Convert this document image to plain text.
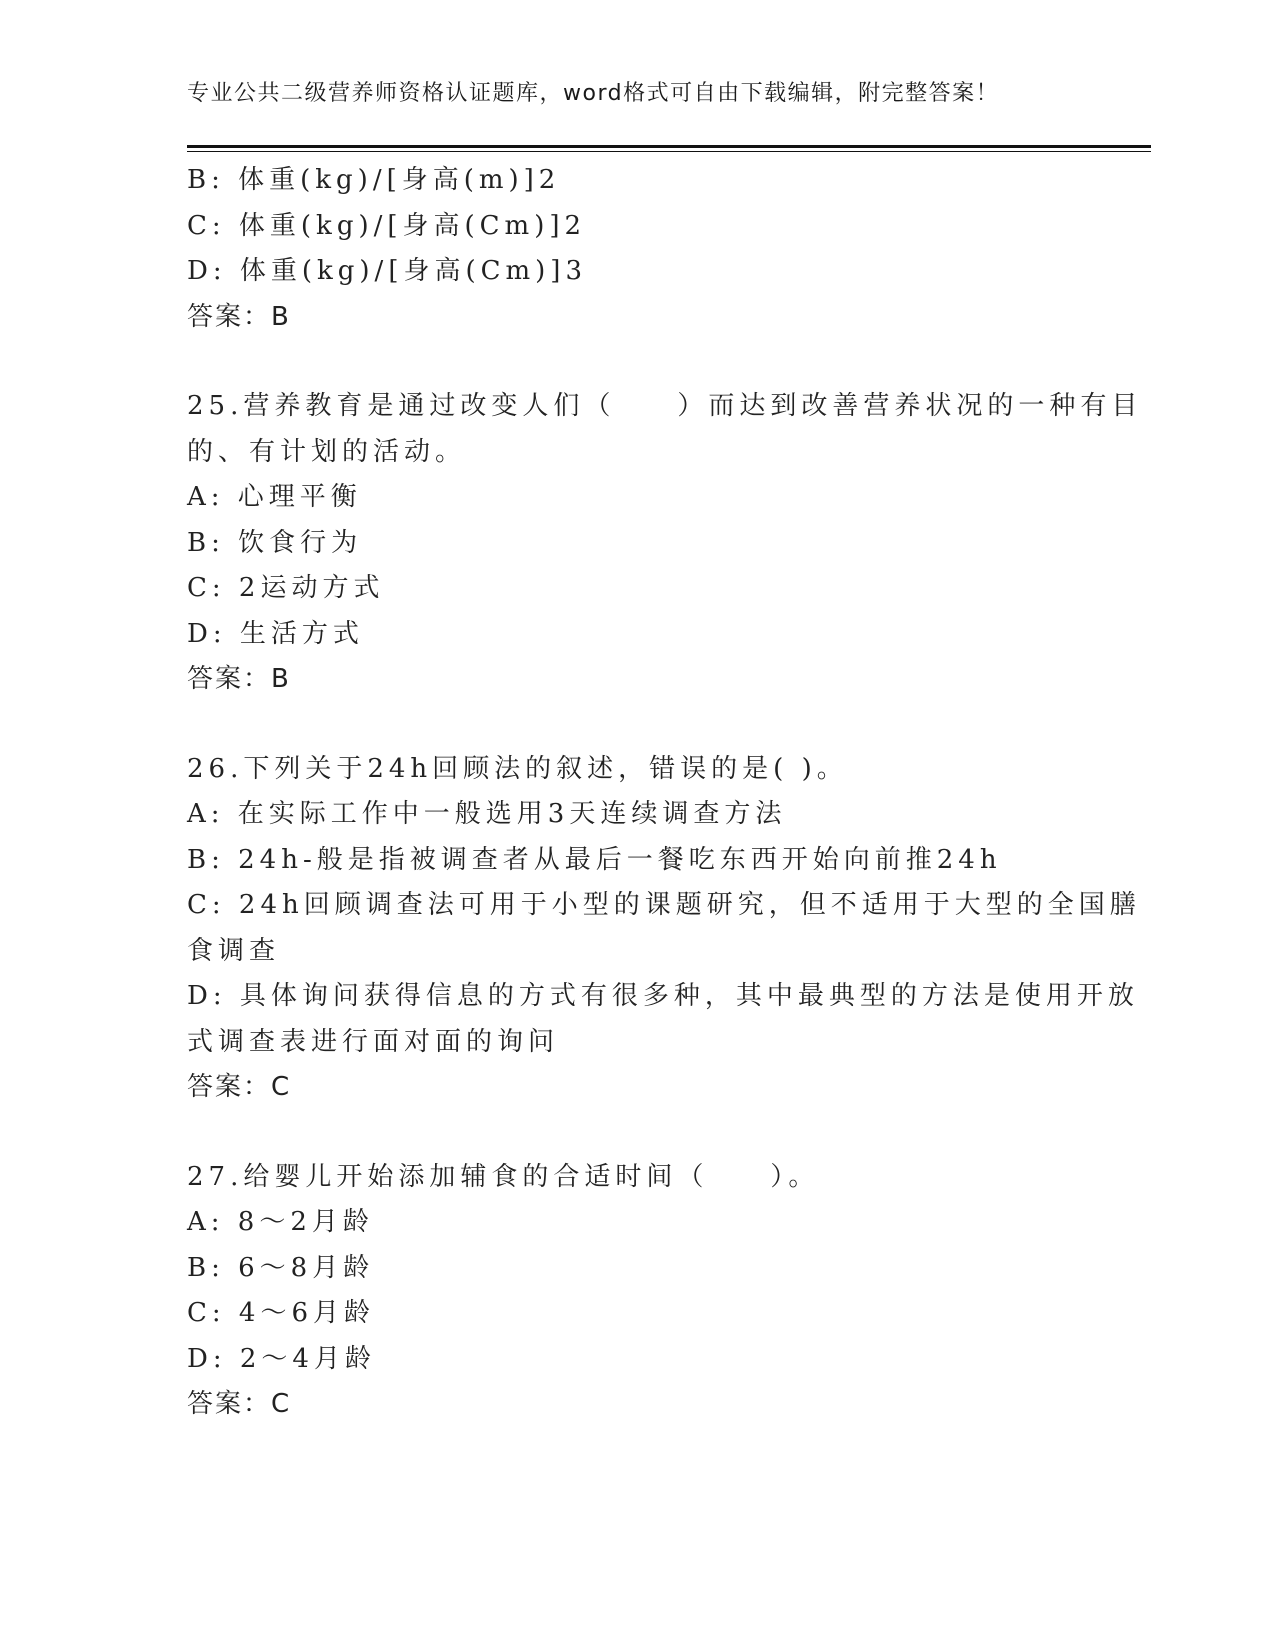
专业公共二级营养师资格认证题库，word格式可自由下载编辑，附完整答案！
B: 体重(kg)/[身高(m)]2
C: 体重(kg)/[身高(Cm)]2
D: 体重(kg)/[身高(Cm)]3
答案：B
25.营养教育是通过改变人们（　　）而达到改善营养状况的一种有目
的、有计划的活动。
A: 心理平衡
B: 饮食行为
C: 2运动方式
D: 生活方式
答案：B
26.下列关于24h回顾法的叙述，错误的是( )。
A: 在实际工作中一般选用3天连续调查方法
B: 24h-般是指被调查者从最后一餐吃东西开始向前推24h
C: 24h回顾调查法可用于小型的课题研究，但不适用于大型的全国膳
食调查
D: 具体询问获得信息的方式有很多种，其中最典型的方法是使用开放
式调查表进行面对面的询问
答案：C
27.给婴儿开始添加辅食的合适时间（　　）。
A: 8～2月龄
B: 6～8月龄
C: 4～6月龄
D: 2～4月龄
答案：C
